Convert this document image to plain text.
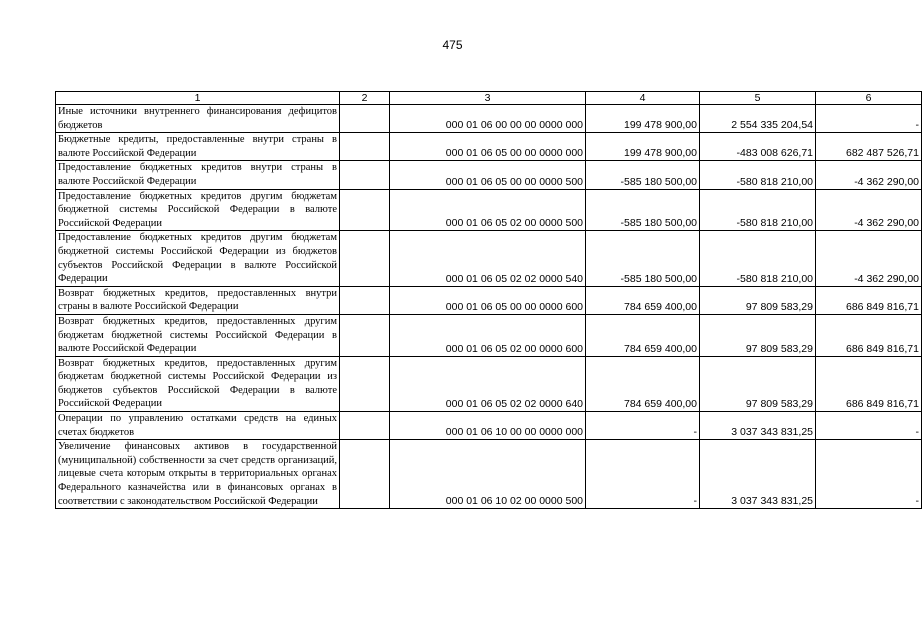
475
1	2	3	4	5	6
Иные источники внутреннего финансирования дефицитов бюджетов		000 01 06 00 00 00 0000 000	199 478 900,00	2 554 335 204,54	-
Бюджетные кредиты, предоставленные внутри страны в валюте Российской Федерации		000 01 06 05 00 00 0000 000	199 478 900,00	-483 008 626,71	682 487 526,71
Предоставление бюджетных кредитов внутри страны в валюте Российской Федерации		000 01 06 05 00 00 0000 500	-585 180 500,00	-580 818 210,00	-4 362 290,00
Предоставление бюджетных кредитов другим бюджетам бюджетной системы Российской Федерации в валюте Российской Федерации		000 01 06 05 02 00 0000 500	-585 180 500,00	-580 818 210,00	-4 362 290,00
Предоставление бюджетных кредитов другим бюджетам бюджетной системы Российской Федерации из бюджетов субъектов Российской Федерации в валюте Российской Федерации		000 01 06 05 02 02 0000 540	-585 180 500,00	-580 818 210,00	-4 362 290,00
Возврат бюджетных кредитов, предоставленных внутри страны в валюте Российской Федерации		000 01 06 05 00 00 0000 600	784 659 400,00	97 809 583,29	686 849 816,71
Возврат бюджетных кредитов, предоставленных другим бюджетам бюджетной системы Российской Федерации в валюте Российской Федерации		000 01 06 05 02 00 0000 600	784 659 400,00	97 809 583,29	686 849 816,71
Возврат бюджетных кредитов, предоставленных другим бюджетам бюджетной системы Российской Федерации из бюджетов субъектов Российской Федерации в валюте Российской Федерации		000 01 06 05 02 02 0000 640	784 659 400,00	97 809 583,29	686 849 816,71
Операции по управлению остатками средств на единых счетах бюджетов		000 01 06 10 00 00 0000 000	-	3 037 343 831,25	-
Увеличение финансовых активов в государственной (муниципальной) собственности за счет средств организаций, лицевые счета которым открыты в территориальных органах Федерального казначейства или в финансовых органах в соответствии с законодательством Российской Федерации		000 01 06 10 02 00 0000 500	-	3 037 343 831,25	-
